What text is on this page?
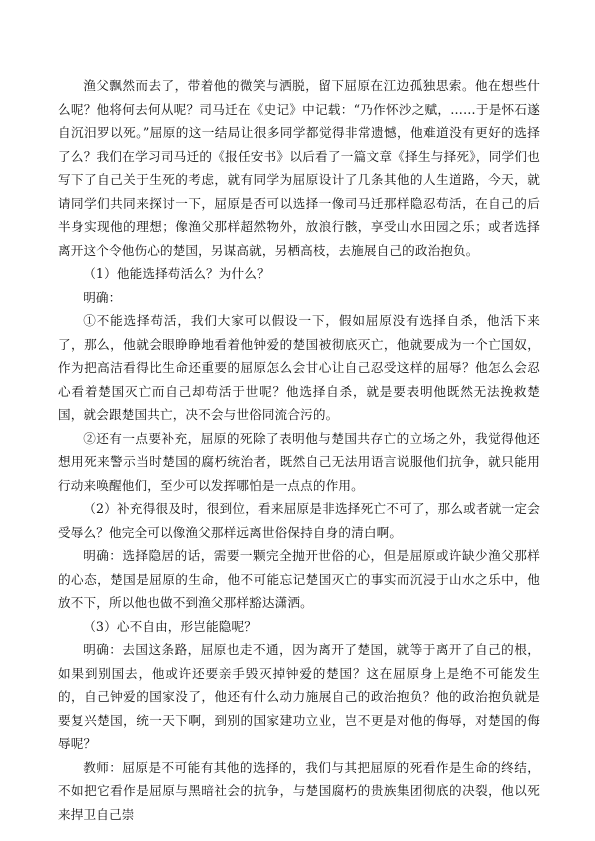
渔父飘然而去了，带着他的微笑与洒脱，留下屈原在江边孤独思索。他在想些什么呢？他将何去何从呢？司马迁在《史记》中记载：“乃作怀沙之赋，……于是怀石遂自沉汨罗以死。”屈原的这一结局让很多同学都觉得非常遗憾，他难道没有更好的选择了么？我们在学习司马迁的《报任安书》以后看了一篇文章《择生与择死》，同学们也写下了自己关于生死的考虑，就有同学为屈原设计了几条其他的人生道路，今天，就请同学们共同来探讨一下，屈原是否可以选择一像司马迁那样隐忍苟活，在自己的后半身实现他的理想；像渔父那样超然物外，放浪行骸，享受山水田园之乐；或者选择离开这个令他伤心的楚国，另谋高就，另栖高枝，去施展自己的政治抱负。

（1）他能选择苟活么？为什么？

明确：

①不能选择苟活，我们大家可以假设一下，假如屈原没有选择自杀，他活下来了，那么，他就会眼睁睁地看着他钟爱的楚国被彻底灭亡，他就要成为一个亡国奴，作为把高洁看得比生命还重要的屈原怎么会甘心让自己忍受这样的屈辱？他怎么会忍心看着楚国灭亡而自己却苟活于世呢？他选择自杀，就是要表明他既然无法挽救楚国，就会跟楚国共亡，决不会与世俗同流合污的。

②还有一点要补充，屈原的死除了表明他与楚国共存亡的立场之外，我觉得他还想用死来警示当时楚国的腐朽统治者，既然自己无法用语言说服他们抗争，就只能用行动来唤醒他们，至少可以发挥哪怕是一点点的作用。

（2）补充得很及时，很到位，看来屈原是非选择死亡不可了，那么或者就一定会受辱么？他完全可以像渔父那样远离世俗保持自身的清白啊。

明确：选择隐居的话，需要一颗完全抛开世俗的心，但是屈原或许缺少渔父那样的心态，楚国是屈原的生命，他不可能忘记楚国灭亡的事实而沉浸于山水之乐中，他放不下，所以他也做不到渔父那样豁达潇洒。

（3）心不自由，形岂能隐呢？

明确：去国这条路，屈原也走不通，因为离开了楚国，就等于离开了自己的根，如果到别国去，他或许还要亲手毁灭掉钟爱的楚国？这在屈原身上是绝不可能发生的，自己钟爱的国家没了，他还有什么动力施展自己的政治抱负？他的政治抱负就是要复兴楚国，统一天下啊，到别的国家建功立业，岂不更是对他的侮辱，对楚国的侮辱呢？

教师：屈原是不可能有其他的选择的，我们与其把屈原的死看作是生命的终结，不如把它看作是屈原与黑暗社会的抗争，与楚国腐朽的贵族集团彻底的决裂，他以死来捍卫自己崇
